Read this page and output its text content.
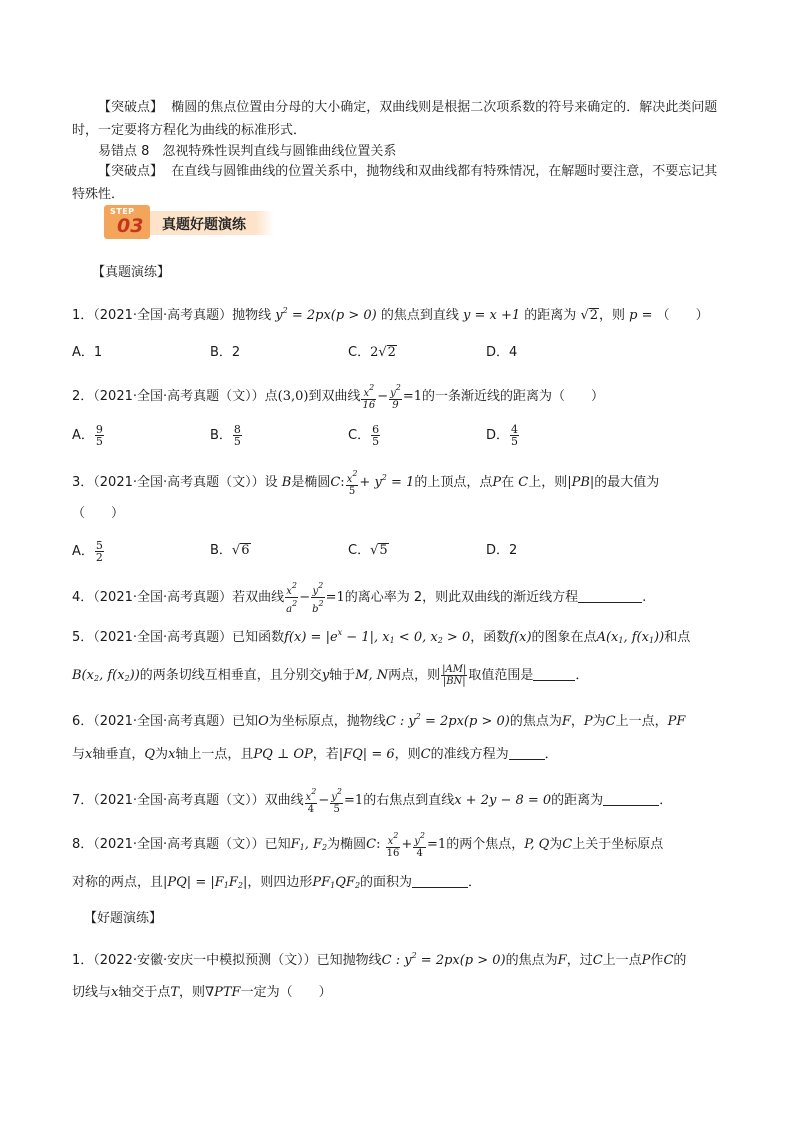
【突破点】 椭圆的焦点位置由分母的大小确定，双曲线则是根据二次项系数的符号来确定的．解决此类问题时，一定要将方程化为曲线的标准形式．
易错点 8　忽视特殊性误判直线与圆锥曲线位置关系
【突破点】 在直线与圆锥曲线的位置关系中，抛物线和双曲线都有特殊情况，在解题时要注意，不要忘记其特殊性．
STEP
03 真题好题演练
【真题演练】
1．（2021·全国·高考真题）抛物线 $y^2 = 2px(p > 0)$ 的焦点到直线 y = x +1 的距离为 √2，则 p = （　　）
A．1	B．2	C．2√2	D．4
2．（2021·全国·高考真题（文））点(3,0)到双曲线 $\frac{x^2}{16} - \frac{y^2}{9} =1$的一条渐近线的距离为（　　）
A． $\frac{9}{5}$	B． $\frac{8}{5}$	C． $\frac{6}{5}$	D． $\frac{4}{5}$
3．（2021·全国·高考真题（文））设 B是椭圆C: $\frac{x^2}{5} + y^2 = 1$的上顶点，点P在 C上，则|PB|的最大值为
（　　）
A． $\frac{5}{2}$	B．√6	C．√5	D．2
4．（2021·全国·高考真题）若双曲线 $\frac{x^2}{a^2} - \frac{y^2}{b^2} =1$的离心率为 2，则此双曲线的渐近线方程	.
5．（2021·全国·高考真题）已知函数$f(x) = |e^x - 1|$, $x_1 < 0$, $x_2 > 0$，函数f(x)的图象在点$A(x_1$, $f(x_1)$)和点
$B(x_2$, $f(x_2)$)的两条切线互相垂直，且分别交y轴于M, N两点，则 $\frac{|AM|}{|BN|}$ 取值范围是	．
6．（2021·全国·高考真题）已知O为坐标原点，抛物线C : $y^2 = 2px(p > 0)$的焦点为F，P为C上一点，PF
与x轴垂直，Q为x轴上一点，且PQ ⊥ OP，若|FQ| = 6，则C的准线方程为	．
7．（2021·全国·高考真题（文））双曲线 $\frac{x^2}{4} - \frac{y^2}{5} =1$的右焦点到直线x + 2y − 8 = 0的距离为	．
8．（2021·全国·高考真题（文））已知$F_1$, $F_2$为椭圆C: $\frac{x^2}{16} + \frac{y^2}{4} =1$的两个焦点，P, Q为C上关于坐标原点
对称的两点，且$|PQ| = |F_1F_2|$，则四边形$PF_1QF_2$的面积为	．
【好题演练】
1．（2022·安徽·安庆一中模拟预测（文））已知抛物线C : $y^2 = 2px(p > 0)$的焦点为F，过C上一点P作C的
切线与x轴交于点T，则∇PTF一定为（　　）
